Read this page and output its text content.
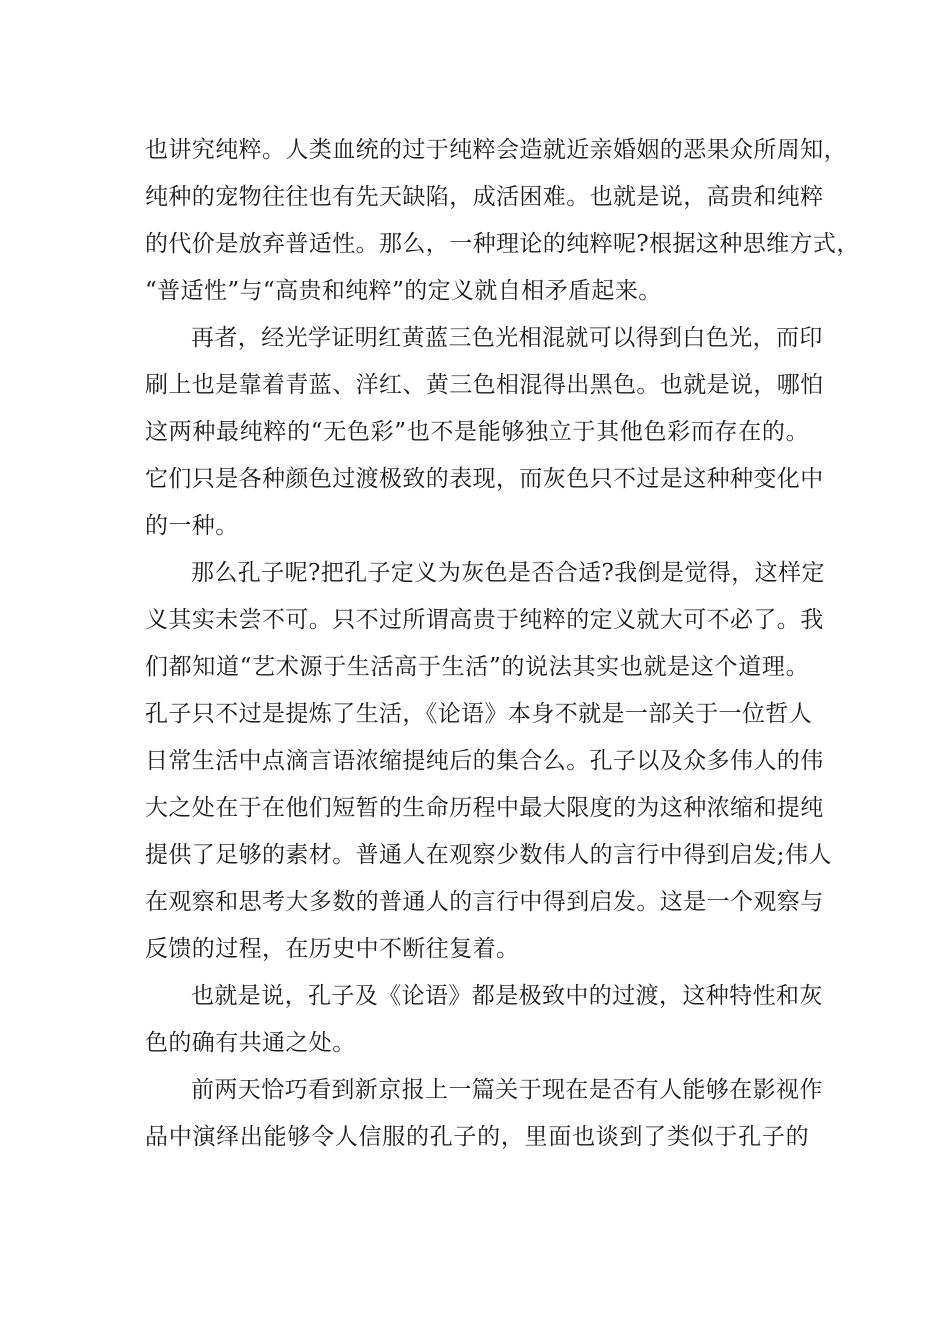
也讲究纯粹。人类血统的过于纯粹会造就近亲婚姻的恶果众所周知，
纯种的宠物往往也有先天缺陷，成活困难。也就是说，高贵和纯粹
的代价是放弃普适性。那么，一种理论的纯粹呢?根据这种思维方式，
“普适性”与“高贵和纯粹”的定义就自相矛盾起来。
再者，经光学证明红黄蓝三色光相混就可以得到白色光，而印
刷上也是靠着青蓝、洋红、黄三色相混得出黑色。也就是说，哪怕
这两种最纯粹的“无色彩”也不是能够独立于其他色彩而存在的。
它们只是各种颜色过渡极致的表现，而灰色只不过是这种种变化中
的一种。
那么孔子呢?把孔子定义为灰色是否合适?我倒是觉得，这样定
义其实未尝不可。只不过所谓高贵于纯粹的定义就大可不必了。我
们都知道“艺术源于生活高于生活”的说法其实也就是这个道理。
孔子只不过是提炼了生活，《论语》本身不就是一部关于一位哲人
日常生活中点滴言语浓缩提纯后的集合么。孔子以及众多伟人的伟
大之处在于在他们短暂的生命历程中最大限度的为这种浓缩和提纯
提供了足够的素材。普通人在观察少数伟人的言行中得到启发;伟人
在观察和思考大多数的普通人的言行中得到启发。这是一个观察与
反馈的过程，在历史中不断往复着。
也就是说，孔子及《论语》都是极致中的过渡，这种特性和灰
色的确有共通之处。
前两天恰巧看到新京报上一篇关于现在是否有人能够在影视作
品中演绎出能够令人信服的孔子的，里面也谈到了类似于孔子的
